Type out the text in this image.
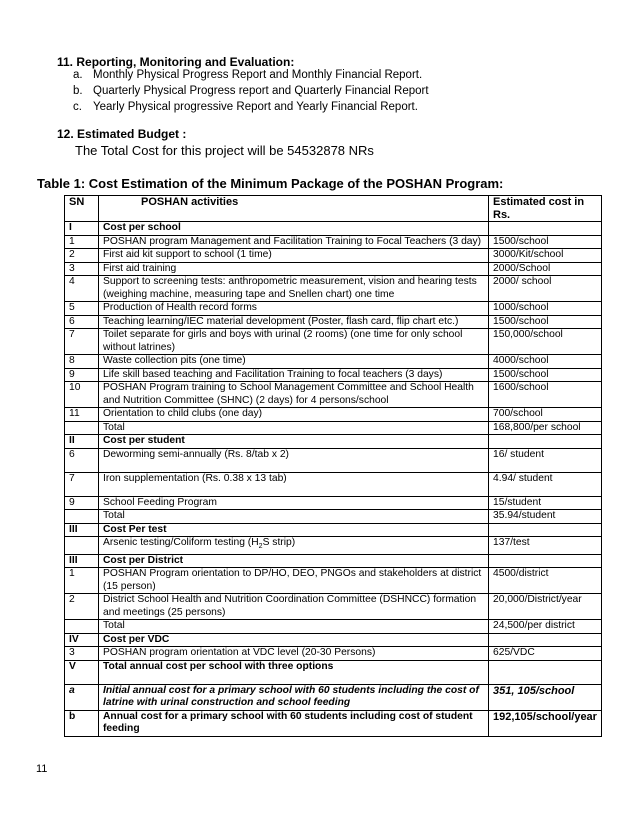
11. Reporting, Monitoring and Evaluation:
a. Monthly Physical Progress Report and Monthly Financial Report.
b. Quarterly Physical Progress report and Quarterly Financial Report
c. Yearly Physical progressive Report and Yearly Financial Report.
12. Estimated Budget :
The Total Cost for this project will be 54532878 NRs
Table 1: Cost Estimation of the Minimum Package of the POSHAN Program:
SN	POSHAN activities	Estimated cost in Rs.
I	Cost per school	
1	POSHAN program Management and Facilitation Training to Focal Teachers (3 day)	1500/school
2	First aid kit support to school (1 time)	3000/Kit/school
3	First aid training	2000/School
4	Support to screening tests: anthropometric measurement, vision and hearing tests (weighing machine, measuring tape and Snellen chart) one time	2000/ school
5	Production of Health record forms	1000/school
6	Teaching learning/IEC material development (Poster, flash card, flip chart etc.)	1500/school
7	Toilet separate for girls and boys with urinal (2 rooms) (one time for only school without latrines)	150,000/school
8	Waste collection pits (one time)	4000/school
9	Life skill based teaching and Facilitation Training to focal teachers (3 days)	1500/school
10	POSHAN Program training to School Management Committee and School Health and Nutrition Committee (SHNC) (2 days) for 4 persons/school	1600/school
11	Orientation to child clubs (one day)	700/school
	Total	168,800/per school
II	Cost per student	
6	Deworming semi-annually (Rs. 8/tab x 2)	16/ student
7	Iron supplementation (Rs. 0.38 x 13 tab)	4.94/ student
9	School Feeding Program	15/student
	Total	35.94/student
III	Cost Per test	
	Arsenic testing/Coliform testing ($H_2S$ strip)	137/test
III	Cost per District	
1	POSHAN Program orientation to DP/HO, DEO, PNGOs and stakeholders at district (15 person)	4500/district
2	District School Health and Nutrition Coordination Committee (DSHNCC) formation and meetings (25 persons)	20,000/District/year
	Total	24,500/per district
IV	Cost per VDC	
3	POSHAN program orientation at VDC level (20-30 Persons)	625/VDC
V	Total annual cost per school with three options	
a	Initial annual cost for a primary school with 60 students including the cost of latrine with urinal construction and school feeding	351, 105/school
b	Annual cost for a primary school with 60 students including cost of student feeding	192,105/school/year
11
